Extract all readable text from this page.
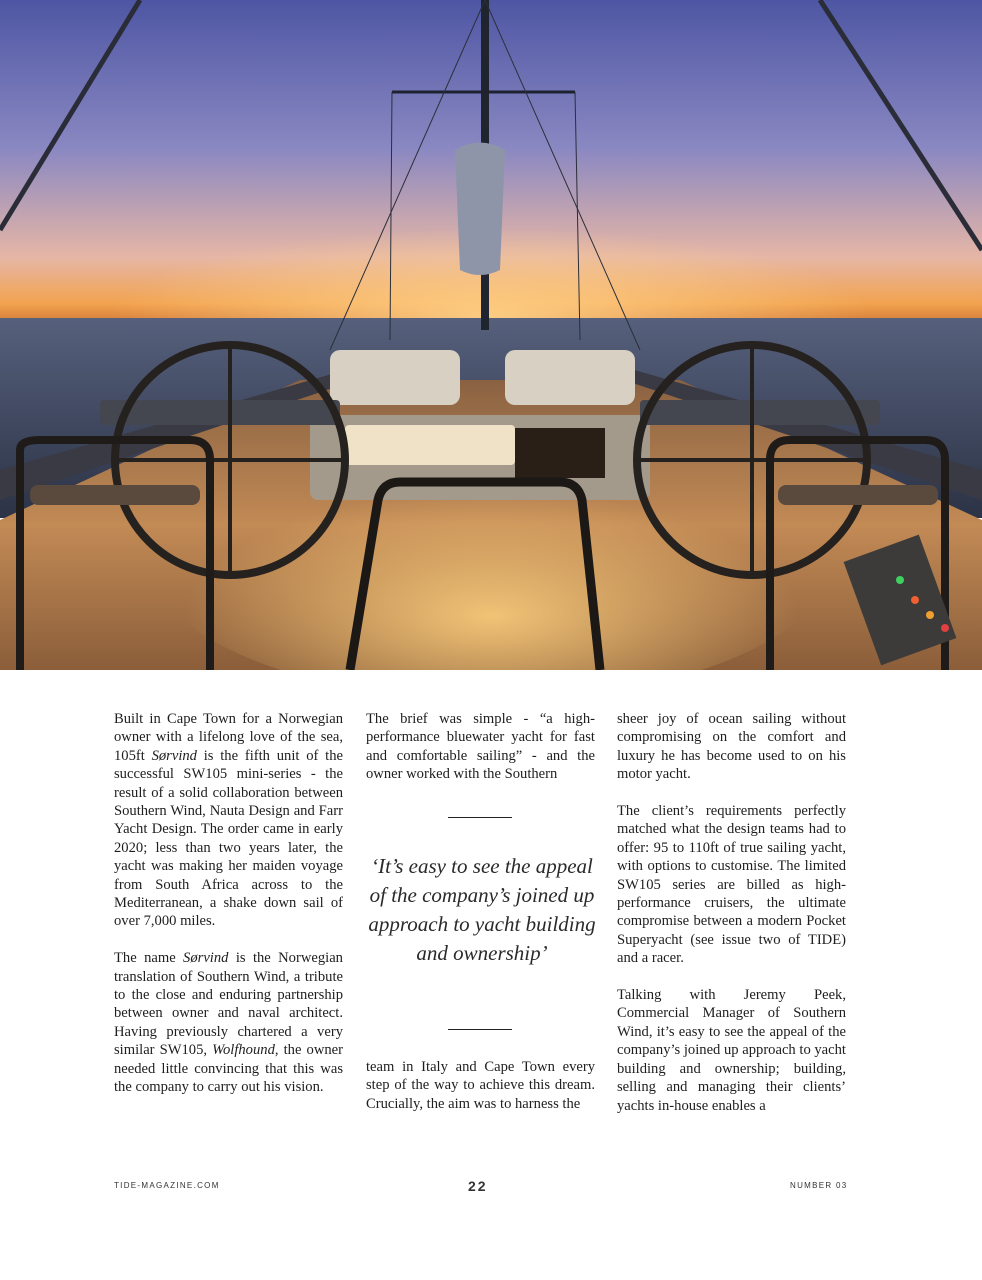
Built in Cape Town for a Norwegian owner with a lifelong love of the sea, 105ft Sørvind is the fifth unit of the successful SW105 mini-series - the result of a solid collaboration between Southern Wind, Nauta Design and Farr Yacht Design. The order came in early 2020; less than two years later, the yacht was making her maiden voyage from South Africa across to the Mediterranean, a shake down sail of over 7,000 miles.

The name Sørvind is the Norwegian translation of Southern Wind, a tribute to the close and enduring partnership between owner and naval architect. Having previously chartered a very similar SW105, Wolfhound, the owner needed little convincing that this was the company to carry out his vision.

The brief was simple - “a high-performance bluewater yacht for fast and comfortable sailing” - and the owner worked with the Southern

team in Italy and Cape Town every step of the way to achieve this dream. Crucially, the aim was to harness the

‘It’s easy to see the appeal of the company’s joined up approach to yacht building and ownership’

sheer joy of ocean sailing without compromising on the comfort and luxury he has become used to on his motor yacht.

The client’s requirements perfectly matched what the design teams had to offer: 95 to 110ft of true sailing yacht, with options to customise. The limited SW105 series are billed as high-performance cruisers, the ultimate compromise between a modern Pocket Superyacht (see issue two of TIDE) and a racer.

Talking with Jeremy Peek, Commercial Manager of Southern Wind, it’s easy to see the appeal of the company’s joined up approach to yacht building and ownership; building, selling and managing their clients’ yachts in-house enables a

TIDE-MAGAZINE.COM	22	NUMBER 03
